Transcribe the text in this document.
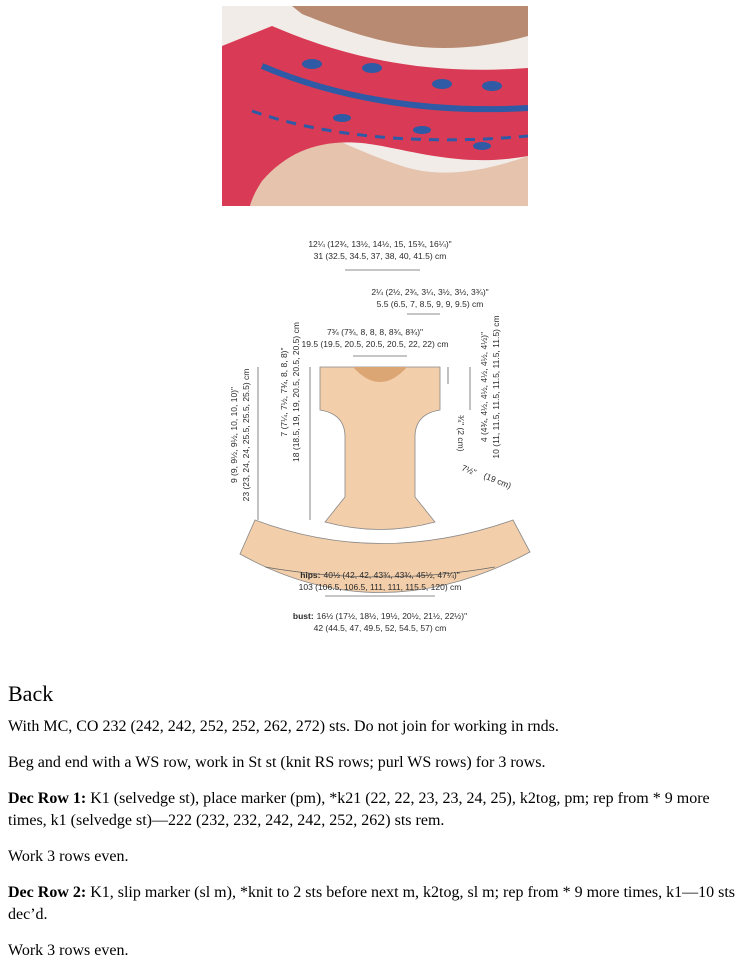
12¼ (12¾, 13½, 14½, 15, 15¾, 16¼)"
31 (32.5, 34.5, 37, 38, 40, 41.5) cm
2¼ (2½, 2¾, 3¼, 3½, 3½, 3¾)"
5.5 (6.5, 7, 8.5, 9, 9, 9.5) cm
7¾ (7¾, 8, 8, 8, 8¾, 8¾)"
19.5 (19.5, 20.5, 20.5, 20.5, 22, 22) cm
¾" (2 cm) 4 (4¾, 4½, 4½, 4½, 4½, 4½)" 10 (11, 11.5, 11.5, 11.5, 11.5, 11.5) cm
7 (7¼, 7½, 7¾, 8, 8, 8)" 18 (18.5, 19, 19, 20.5, 20.5, 20.5) cm
9 (9, 9½, 9½, 10, 10, 10)" 23 (23, 24, 24, 25.5, 25.5, 25.5) cm	7½"
(19 cm)
hips: 40½ (42, 42, 43¾, 43¾, 45½, 47¼)"
103 (106.5, 106.5, 111, 111, 115.5, 120) cm
bust: 16½ (17½, 18½, 19½, 20½, 21½, 22½)"
42 (44.5, 47, 49.5, 52, 54.5, 57) cm
Back

With MC, CO 232 (242, 242, 252, 252, 262, 272) sts. Do not join for working in rnds.

Beg and end with a WS row, work in St st (knit RS rows; purl WS rows) for 3 rows.

Dec Row 1: K1 (selvedge st), place marker (pm), *k21 (22, 22, 23, 23, 24, 25), k2tog, pm; rep from * 9 more times, k1 (selvedge st)—222 (232, 232, 242, 242, 252, 262) sts rem.

Work 3 rows even.

Dec Row 2: K1, slip marker (sl m), *knit to 2 sts before next m, k2tog, sl m; rep from * 9 more times, k1—10 sts dec’d.

Work 3 rows even.
